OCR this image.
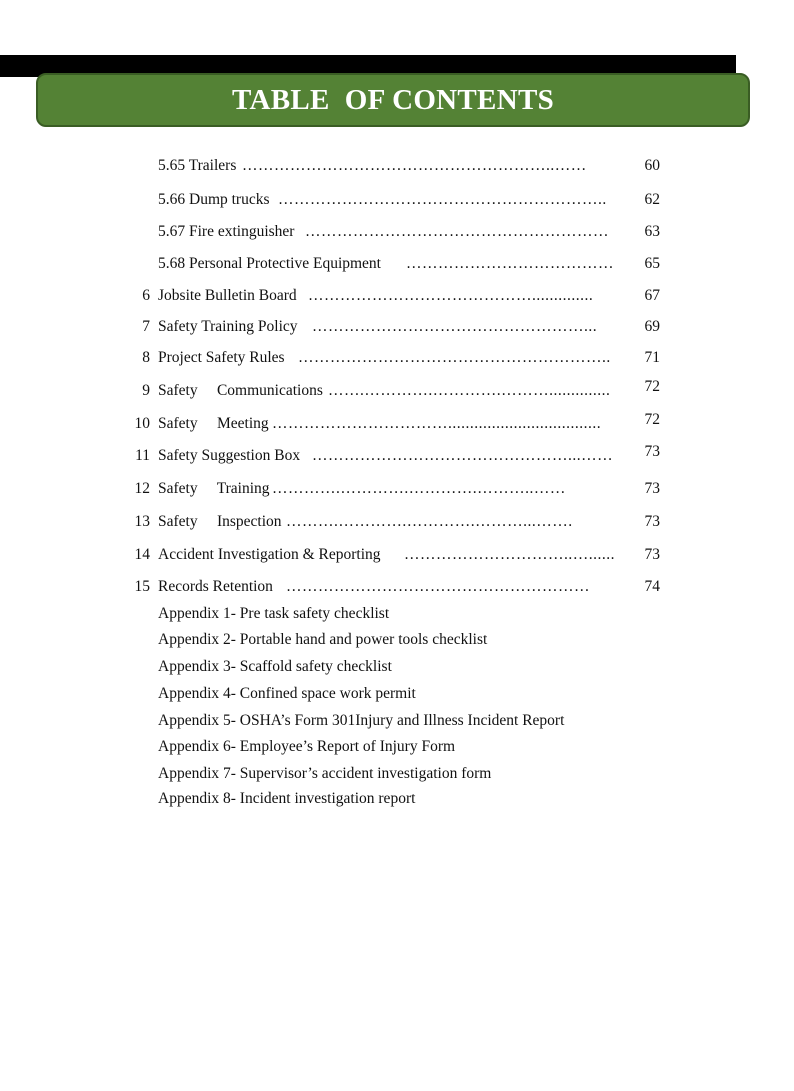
TABLE  OF CONTENTS
5.65 Trailers …………………………………………………..……	60
5.66 Dump trucks ……………………………………………………..	62
5.67 Fire extinguisher …………………………………………………	63
5.68 Personal Protective Equipment …………………………………	65
6 Jobsite Bulletin Board ……………………………………..............	67
7 Safety Training Policy ……………………………………………...	69
8 Project Safety Rules …………………………………………………..	71
9 Safety     Communications …….………….………….………..............	72
10 Safety     Meeting ……………………………...................................	72
11 Safety Suggestion Box …………………………………………...……	73
12 Safety     Training ………….………….………….………..……	73
13 Safety     Inspection ……….………….………….………...…….	73
14 Accident Investigation & Reporting …………………………..…......	73
15 Records Retention …………………………………………………	74
Appendix 1- Pre task safety checklist
Appendix 2- Portable hand and power tools checklist
Appendix 3- Scaffold safety checklist
Appendix 4- Confined space work permit
Appendix 5- OSHA’s Form 301Injury and Illness Incident Report
Appendix 6- Employee’s Report of Injury Form
Appendix 7- Supervisor’s accident investigation form
Appendix 8- Incident investigation report
